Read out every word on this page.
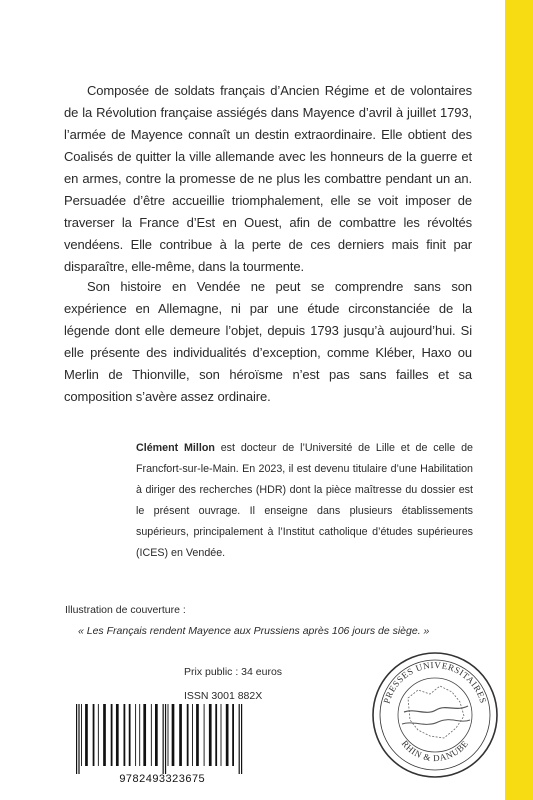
Composée de soldats français d’Ancien Régime et de volontaires de la Révolution française assiégés dans Mayence d’avril à juillet 1793, l’armée de Mayence connaît un destin extraordinaire. Elle obtient des Coalisés de quitter la ville allemande avec les honneurs de la guerre et en armes, contre la promesse de ne plus les combattre pendant un an. Persuadée d’être accueillie triomphalement, elle se voit imposer de traverser la France d’Est en Ouest, afin de combattre les révoltés vendéens. Elle contribue à la perte de ces derniers mais finit par disparaître, elle-même, dans la tourmente.

Son histoire en Vendée ne peut se comprendre sans son expérience en Allemagne, ni par une étude circonstanciée de la légende dont elle demeure l’objet, depuis 1793 jusqu’à aujourd’hui. Si elle présente des individualités d’exception, comme Kléber, Haxo ou Merlin de Thionville, son héroïsme n’est pas sans failles et sa composition s’avère assez ordinaire.

Clément Millon est docteur de l’Université de Lille et de celle de Francfort-sur-le-Main. En 2023, il est devenu titulaire d’une Habilitation à diriger des recherches (HDR) dont la pièce maîtresse du dossier est le présent ouvrage. Il enseigne dans plusieurs établissements supérieurs, principalement à l’Institut catholique d’études supérieures (ICES) en Vendée.

Illustration de couverture :
« Les Français rendent Mayence aux Prussiens après 106 jours de siège. »
Prix public : 34 euros
ISSN 3001 882X
9782493323675
PRESSES UNIVERSITAIRES
RHIN & DANUBE
